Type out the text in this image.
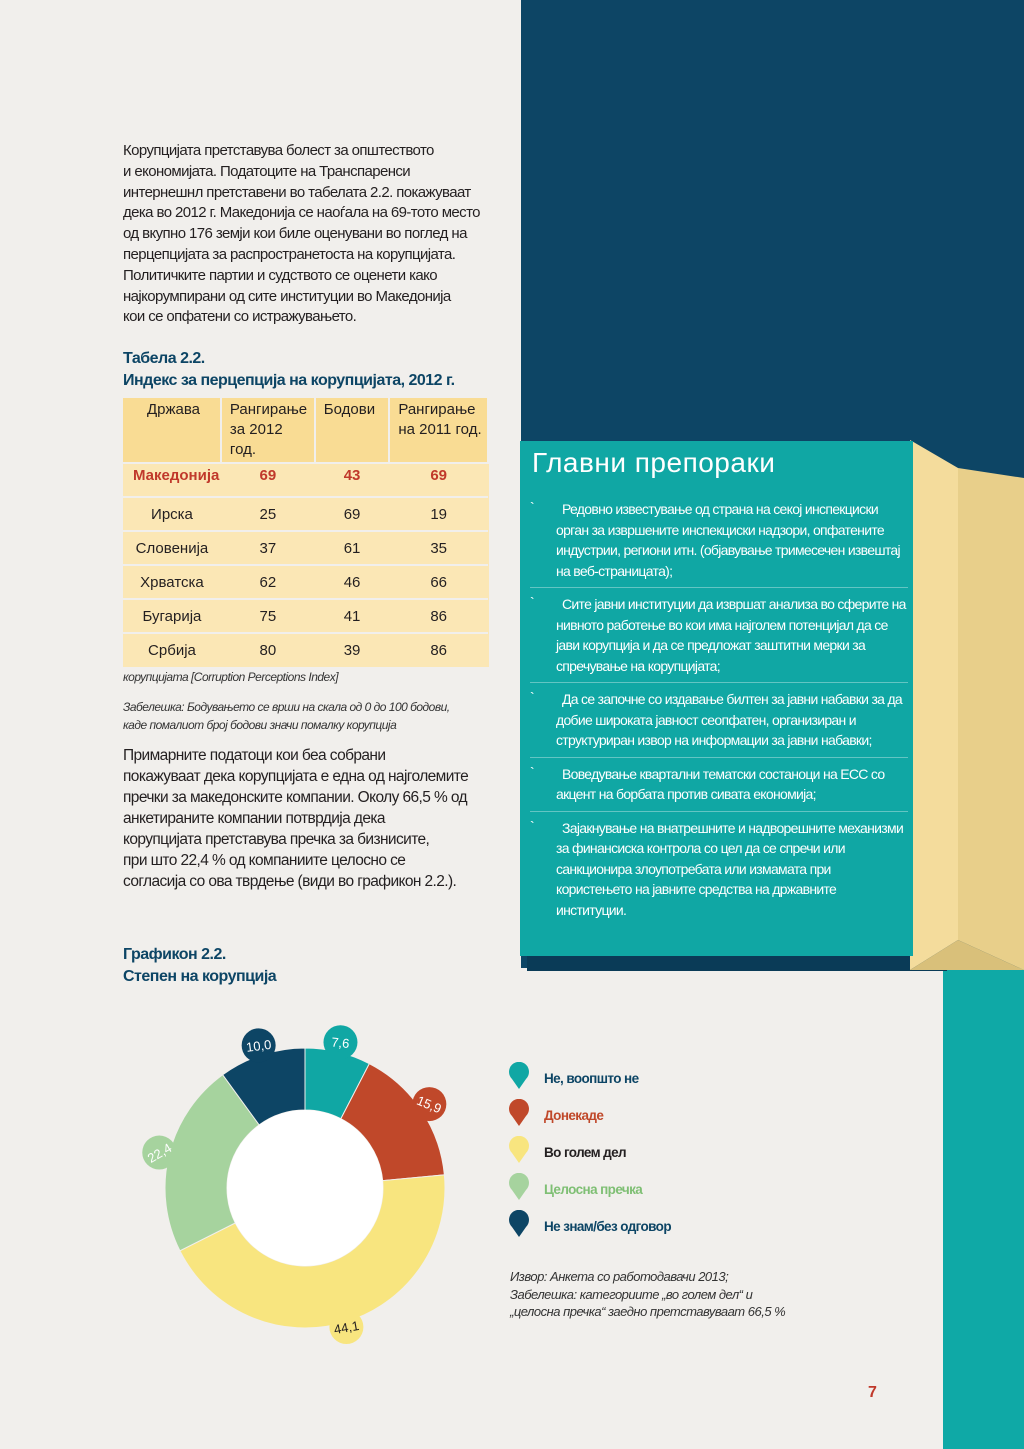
Корупцијата претставува болест за општеството
и економијата. Податоците на Транспаренси
интернешнл претставени во табелата 2.2. покажуваат
дека во 2012 г. Македонија се наоѓала на 69-тото место
од вкупно 176 земји кои биле оценувани во поглед на
перцепцијата за распространетоста на корупцијата.
Политичките партии и судството се оценети како
најкорумпирани од сите институции во Македонија
кои се опфатени со истражувањето.

Табела 2.2.
Индекс за перцепција на корупцијата, 2012 г.
Држава	Рангирање за 2012 год.	Бодови	Рангирање на 2011 год.
Македонија	69	43	69
Ирска	25	69	19
Словенија	37	61	35
Хрватска	62	46	66
Бугарија	75	41	86
Србија	80	39	86
корупцијата [Corruption Perceptions Index]

Забелешка: Бодувањето се врши на скала од 0 до 100 бодови,
каде помалиот број бодови значи помалку корупција

Примарните податоци кои беа собрани
покажуваат дека корупцијата е една од најголемите
пречки за македонските компании. Околу 66,5 % од
анкетираните компании потврдија дека
корупцијата претставува пречка за бизнисите,
при што 22,4 % од компаниите целосно се
согласија со ова тврдење (види во графикон 2.2.).

Главни препораки
`	Редовно известување од страна на секој инспекциски орган за извршените инспекциски надзори, опфатените индустрии, региони итн. (објавување тримесечен извештај на веб-страницата);
`	Сите јавни институции да извршат анализа во сферите на нивното работење во кои има најголем потенцијал да се јави корупција и да се предложат заштитни мерки за спречување на корупцијата;
`	Да се започне со издавање билтен за јавни набавки за да добие широката јавност сеопфатен, организиран и структуриран извор на информации за јавни набавки;
`	Воведување квартални тематски состаноци на ЕСС со акцент на борбата против сивата економија;
`	Зајакнување на внатрешните и надворешните механизми за финансиска контрола со цел да се спречи или санкционира злоупотребата или измамата при користењето на јавните средства на државните институции.
Графикон 2.2.
Степен на корупција
7,6
15,9
44,1
22,4
10,0
Не, воопшто не
Донекаде
Во голем дел
Целосна пречка
Не знам/без одговор

Извор: Анкета со работодавачи 2013;
Забелешка: категориите „во голем дел“ и
„целосна пречка“ заедно претставуваат 66,5 %

7
